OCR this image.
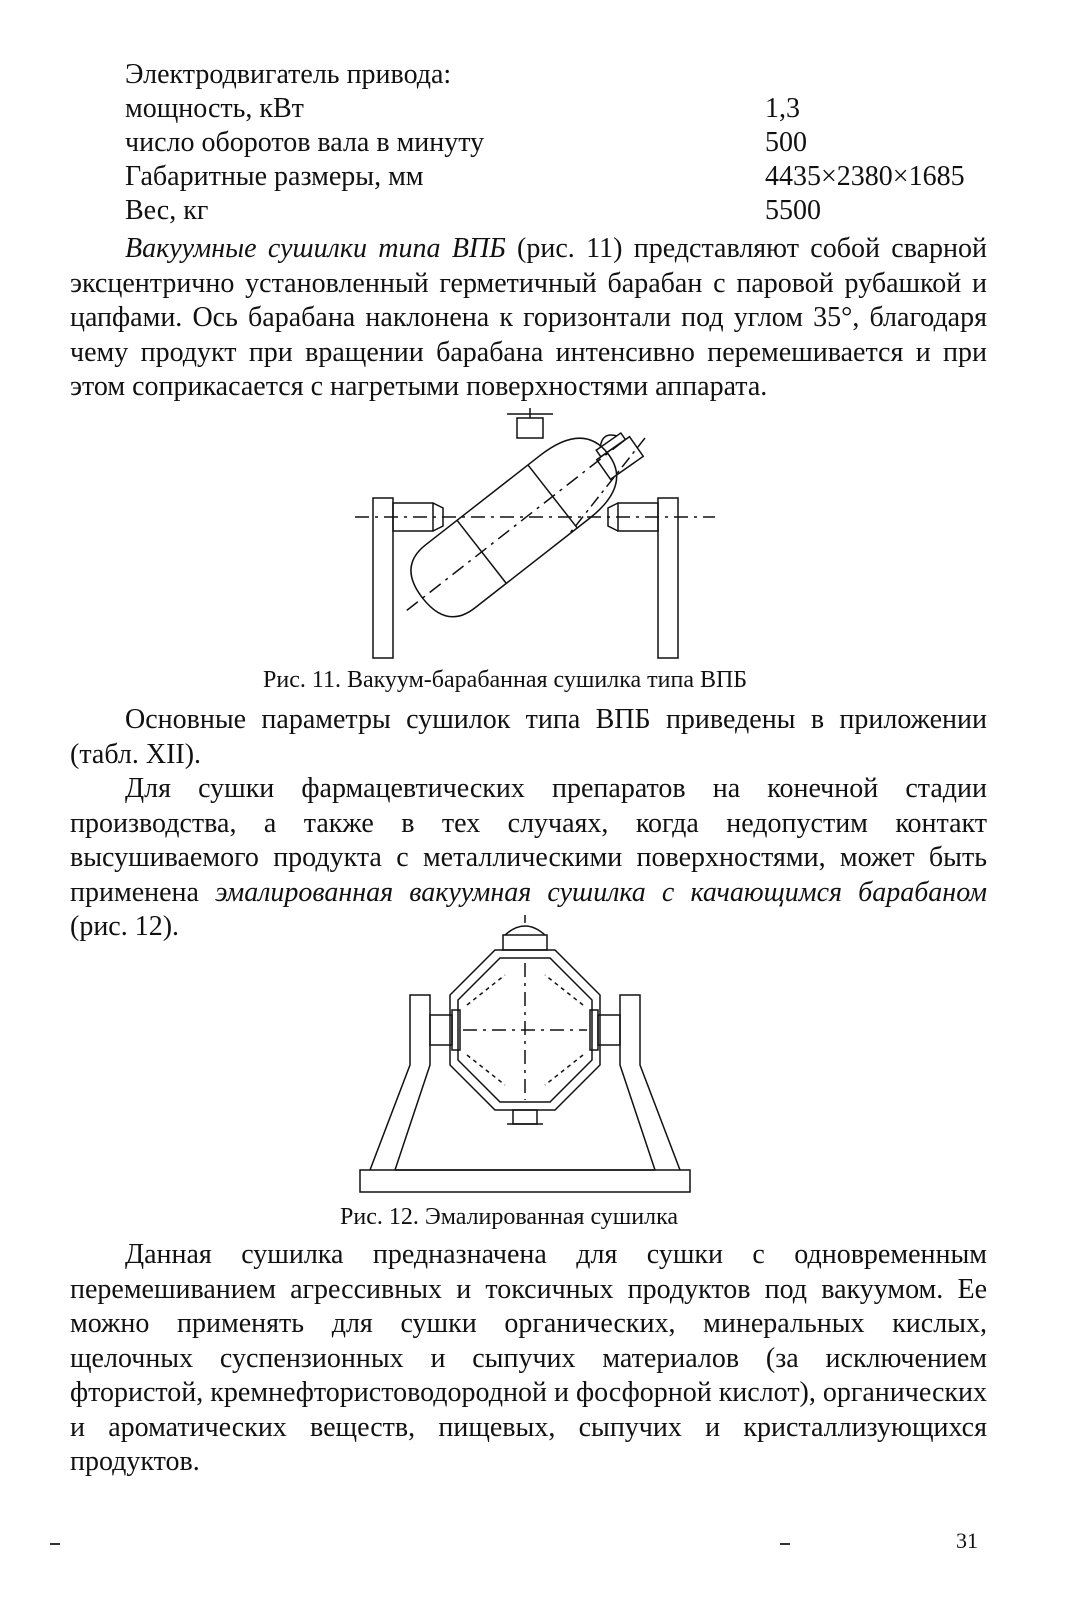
Электродвигатель привода:
мощность, кВт	1,3
число оборотов вала в минуту	500
Габаритные размеры, мм	4435×2380×1685
Вес, кг	5500

Вакуумные сушилки типа ВПБ (рис. 11) представляют собой сварной эксцентрично установленный герметичный барабан с паровой рубашкой и цапфами. Ось барабана наклонена к горизонтали под углом 35°, благодаря чему продукт при вращении барабана интенсивно перемешивается и при этом соприкасается с нагретыми поверхностями аппарата.

Рис. 11. Вакуум-барабанная сушилка типа ВПБ

Основные параметры сушилок типа ВПБ приведены в приложении (табл. XII).

Для сушки фармацевтических препаратов на конечной стадии производства, а также в тех случаях, когда недопустим контакт высушиваемого продукта с металлическими поверхностями, может быть применена эмалированная вакуумная сушилка с качающимся барабаном (рис. 12).

Рис. 12. Эмалированная сушилка

Данная сушилка предназначена для сушки с одновременным перемешиванием агрессивных и токсичных продуктов под вакуумом. Ее можно применять для сушки органических, минеральных кислых, щелочных суспензионных и сыпучих материалов (за исключением фтористой, кремнефтористоводородной и фосфорной кислот), органических и ароматических веществ, пищевых, сыпучих и кристаллизующихся продуктов.

31
